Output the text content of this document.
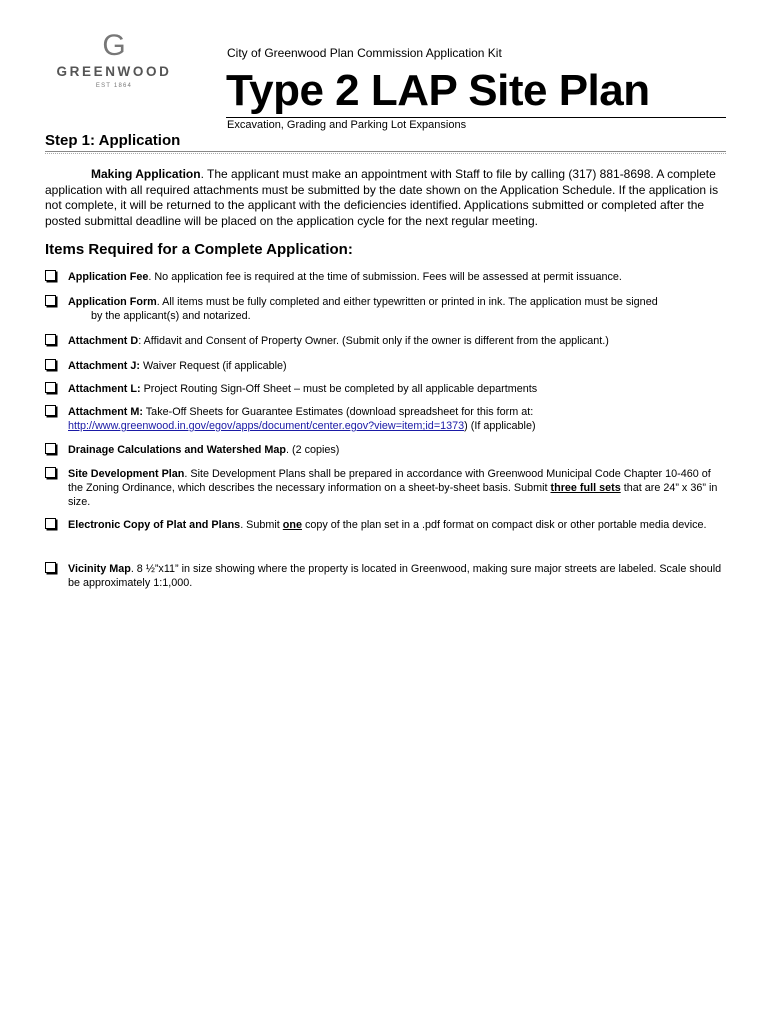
G
GREENWOOD
EST 1864
City of Greenwood Plan Commission Application Kit
Type 2 LAP Site Plan
Excavation, Grading and Parking Lot Expansions
Step 1: Application

Making Application. The applicant must make an appointment with Staff to file by calling (317) 881-8698. A complete application with all required attachments must be submitted by the date shown on the Application Schedule. If the application is not complete, it will be returned to the applicant with the deficiencies identified. Applications submitted or completed after the posted submittal deadline will be placed on the application cycle for the next regular meeting.

Items Required for a Complete Application:
Application Fee. No application fee is required at the time of submission. Fees will be assessed at permit issuance.
Application Form. All items must be fully completed and either typewritten or printed in ink. The application must be signed
by the applicant(s) and notarized.
Attachment D: Affidavit and Consent of Property Owner. (Submit only if the owner is different from the applicant.)
Attachment J: Waiver Request (if applicable)
Attachment L: Project Routing Sign-Off Sheet – must be completed by all applicable departments
Attachment M: Take-Off Sheets for Guarantee Estimates (download spreadsheet for this form at:
http://www.greenwood.in.gov/egov/apps/document/center.egov?view=item;id=1373) (If applicable)
Drainage Calculations and Watershed Map. (2 copies)
Site Development Plan. Site Development Plans shall be prepared in accordance with Greenwood Municipal Code Chapter 10-460 of the Zoning Ordinance, which describes the necessary information on a sheet-by-sheet basis. Submit three full sets that are 24” x 36” in size.
Electronic Copy of Plat and Plans. Submit one copy of the plan set in a .pdf format on compact disk or other portable media device.
Vicinity Map. 8 ½”x11” in size showing where the property is located in Greenwood, making sure major streets are labeled. Scale should be approximately 1:1,000.
